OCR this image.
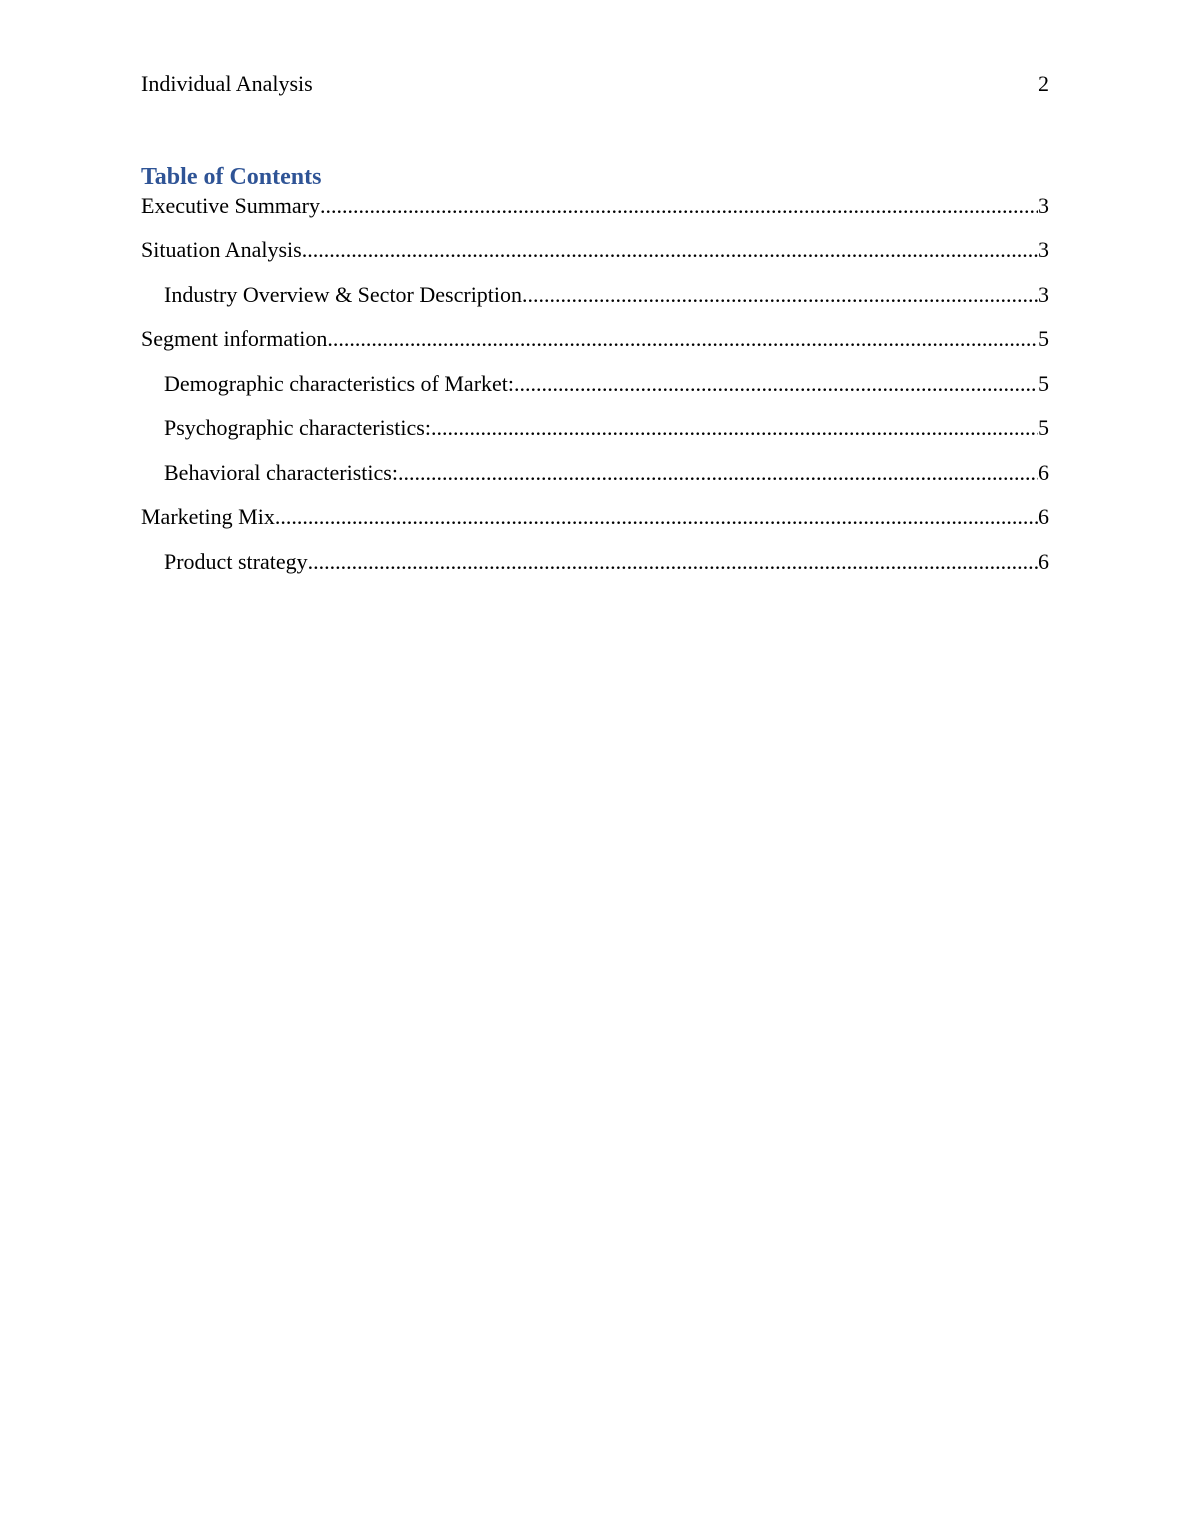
Individual Analysis	2
Table of Contents
Executive Summary .....	3
Situation Analysis .....	3
Industry Overview & Sector Description .....	3
Segment information .....	5
Demographic characteristics of Market: .....	5
Psychographic characteristics: .....	5
Behavioral characteristics: .....	6
Marketing Mix .....	6
Product strategy .....	6
